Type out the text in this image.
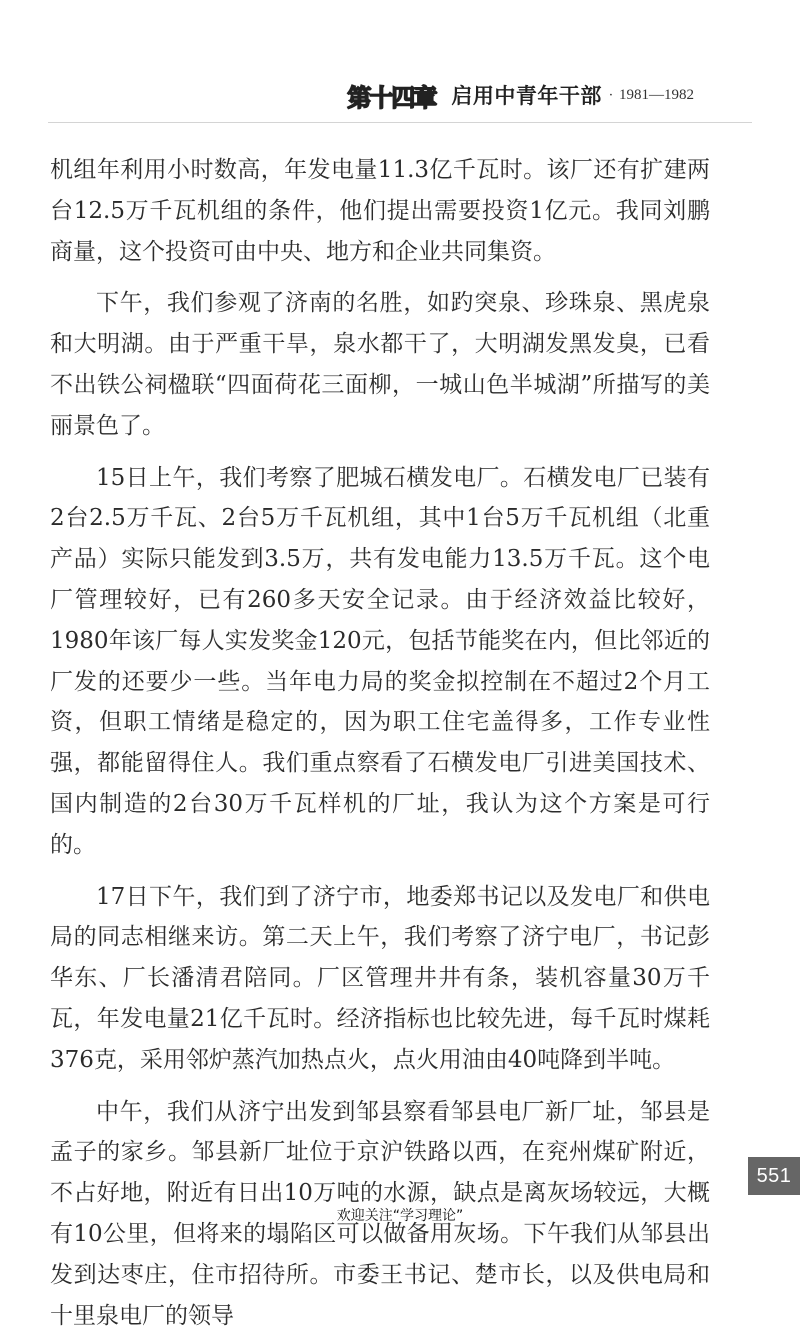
第十四章 启用中青年干部 · 1981—1982

机组年利用小时数高，年发电量11.3亿千瓦时。该厂还有扩建两台12.5万千瓦机组的条件，他们提出需要投资1亿元。我同刘鹏商量，这个投资可由中央、地方和企业共同集资。

下午，我们参观了济南的名胜，如趵突泉、珍珠泉、黑虎泉和大明湖。由于严重干旱，泉水都干了，大明湖发黑发臭，已看不出铁公祠楹联“四面荷花三面柳，一城山色半城湖”所描写的美丽景色了。

15日上午，我们考察了肥城石横发电厂。石横发电厂已装有2台2.5万千瓦、2台5万千瓦机组，其中1台5万千瓦机组（北重产品）实际只能发到3.5万，共有发电能力13.5万千瓦。这个电厂管理较好，已有260多天安全记录。由于经济效益比较好，1980年该厂每人实发奖金120元，包括节能奖在内，但比邻近的厂发的还要少一些。当年电力局的奖金拟控制在不超过2个月工资，但职工情绪是稳定的，因为职工住宅盖得多，工作专业性强，都能留得住人。我们重点察看了石横发电厂引进美国技术、国内制造的2台30万千瓦样机的厂址，我认为这个方案是可行的。

17日下午，我们到了济宁市，地委郑书记以及发电厂和供电局的同志相继来访。第二天上午，我们考察了济宁电厂，书记彭华东、厂长潘清君陪同。厂区管理井井有条，装机容量30万千瓦，年发电量21亿千瓦时。经济指标也比较先进，每千瓦时煤耗376克，采用邻炉蒸汽加热点火，点火用油由40吨降到半吨。

中午，我们从济宁出发到邹县察看邹县电厂新厂址，邹县是孟子的家乡。邹县新厂址位于京沪铁路以西，在兖州煤矿附近，不占好地，附近有日出10万吨的水源，缺点是离灰场较远，大概有10公里，但将来的塌陷区可以做备用灰场。下午我们从邹县出发到达枣庄，住市招待所。市委王书记、楚市长，以及供电局和十里泉电厂的领导

551
欢迎关注“学习理论”
